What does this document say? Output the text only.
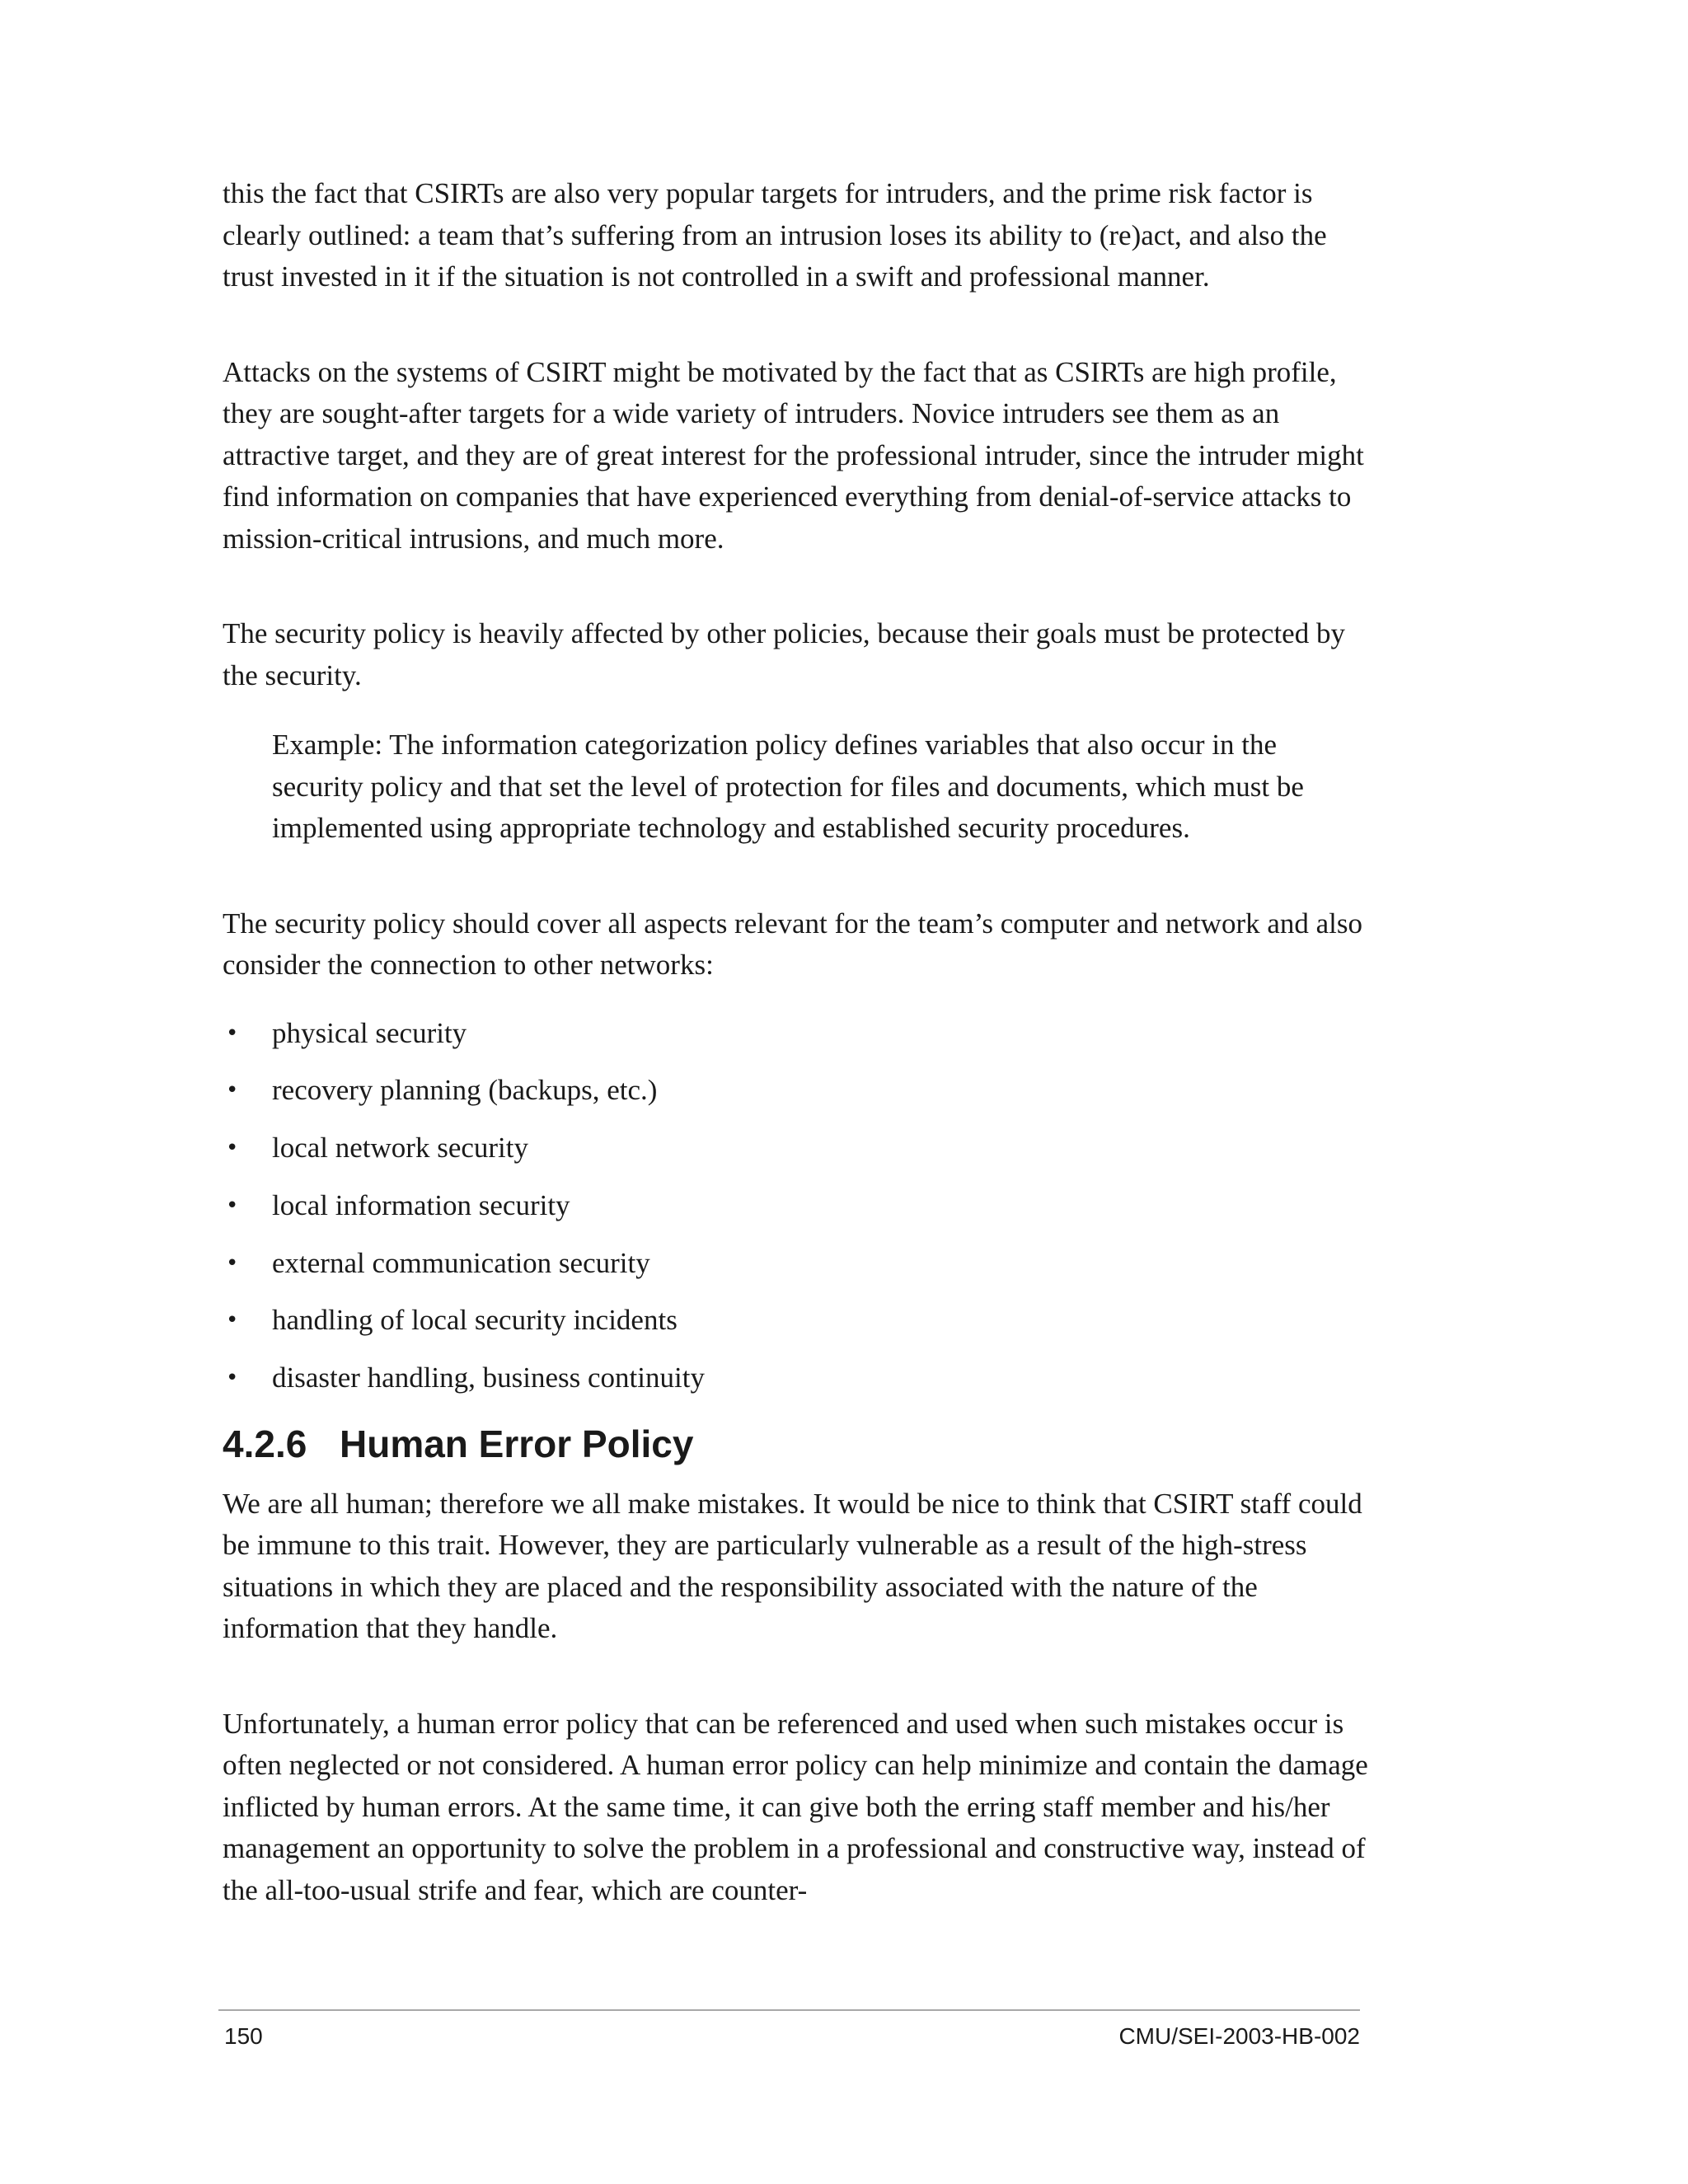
this the fact that CSIRTs are also very popular targets for intruders, and the prime risk factor is clearly outlined: a team that’s suffering from an intrusion loses its ability to (re)act, and also the trust invested in it if the situation is not controlled in a swift and professional manner.

Attacks on the systems of CSIRT might be motivated by the fact that as CSIRTs are high profile, they are sought-after targets for a wide variety of intruders. Novice intruders see them as an attractive target, and they are of great interest for the professional intruder, since the intruder might find information on companies that have experienced everything from denial-of-service attacks to mission-critical intrusions, and much more.

The security policy is heavily affected by other policies, because their goals must be protected by the security.

Example: The information categorization policy defines variables that also occur in the security policy and that set the level of protection for files and documents, which must be implemented using appropriate technology and established security procedures.

The security policy should cover all aspects relevant for the team’s computer and network and also consider the connection to other networks:

•	physical security
•	recovery planning (backups, etc.)
•	local network security
•	local information security
•	external communication security
•	handling of local security incidents
•	disaster handling, business continuity
4.2.6 Human Error Policy

We are all human; therefore we all make mistakes. It would be nice to think that CSIRT staff could be immune to this trait. However, they are particularly vulnerable as a result of the high-stress situations in which they are placed and the responsibility associated with the nature of the information that they handle.

Unfortunately, a human error policy that can be referenced and used when such mistakes occur is often neglected or not considered. A human error policy can help minimize and contain the damage inflicted by human errors. At the same time, it can give both the erring staff member and his/her management an opportunity to solve the problem in a professional and constructive way, instead of the all-too-usual strife and fear, which are counter-

150	CMU/SEI-2003-HB-002
